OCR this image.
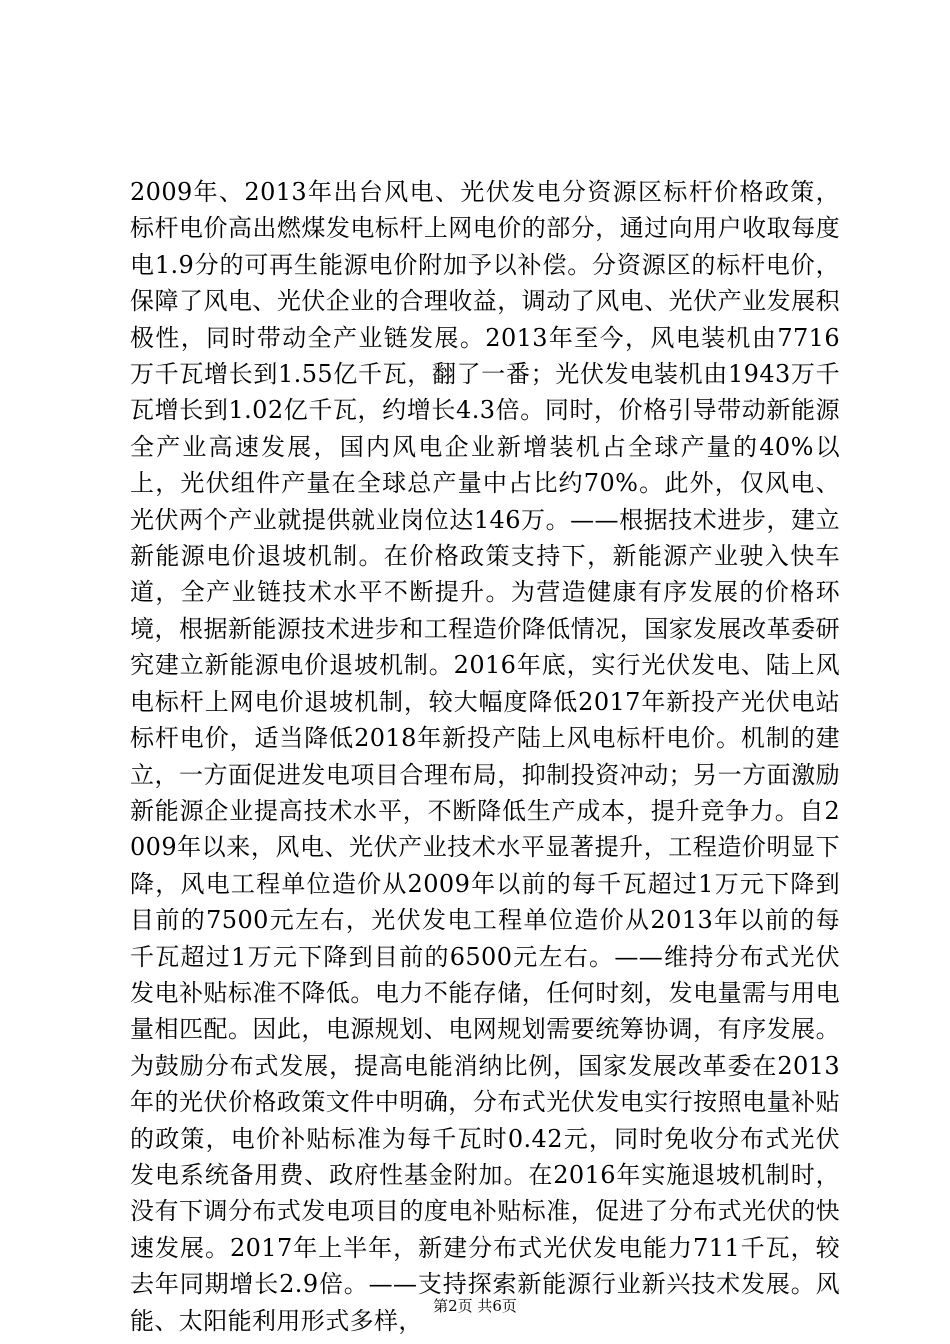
2009年、2013年出台风电、光伏发电分资源区标杆价格政策，标杆电价高出燃煤发电标杆上网电价的部分，通过向用户收取每度电1.9分的可再生能源电价附加予以补偿。分资源区的标杆电价，保障了风电、光伏企业的合理收益，调动了风电、光伏产业发展积极性，同时带动全产业链发展。2013年至今，风电装机由7716万千瓦增长到1.55亿千瓦，翻了一番；光伏发电装机由1943万千瓦增长到1.02亿千瓦，约增长4.3倍。同时，价格引导带动新能源全产业高速发展，国内风电企业新增装机占全球产量的40%以上，光伏组件产量在全球总产量中占比约70%。此外，仅风电、光伏两个产业就提供就业岗位达146万。——根据技术进步，建立新能源电价退坡机制。在价格政策支持下，新能源产业驶入快车道，全产业链技术水平不断提升。为营造健康有序发展的价格环境，根据新能源技术进步和工程造价降低情况，国家发展改革委研究建立新能源电价退坡机制。2016年底，实行光伏发电、陆上风电标杆上网电价退坡机制，较大幅度降低2017年新投产光伏电站标杆电价，适当降低2018年新投产陆上风电标杆电价。机制的建立，一方面促进发电项目合理布局，抑制投资冲动；另一方面激励新能源企业提高技术水平，不断降低生产成本，提升竞争力。自2009年以来，风电、光伏产业技术水平显著提升，工程造价明显下降，风电工程单位造价从2009年以前的每千瓦超过1万元下降到目前的7500元左右，光伏发电工程单位造价从2013年以前的每千瓦超过1万元下降到目前的6500元左右。——维持分布式光伏发电补贴标准不降低。电力不能存储，任何时刻，发电量需与用电量相匹配。因此，电源规划、电网规划需要统筹协调，有序发展。为鼓励分布式发展，提高电能消纳比例，国家发展改革委在2013年的光伏价格政策文件中明确，分布式光伏发电实行按照电量补贴的政策，电价补贴标准为每千瓦时0.42元，同时免收分布式光伏发电系统备用费、政府性基金附加。在2016年实施退坡机制时，没有下调分布式发电项目的度电补贴标准，促进了分布式光伏的快速发展。2017年上半年，新建分布式光伏发电能力711千瓦，较去年同期增长2.9倍。——支持探索新能源行业新兴技术发展。风能、太阳能利用形式多样，

第2页 共6页
